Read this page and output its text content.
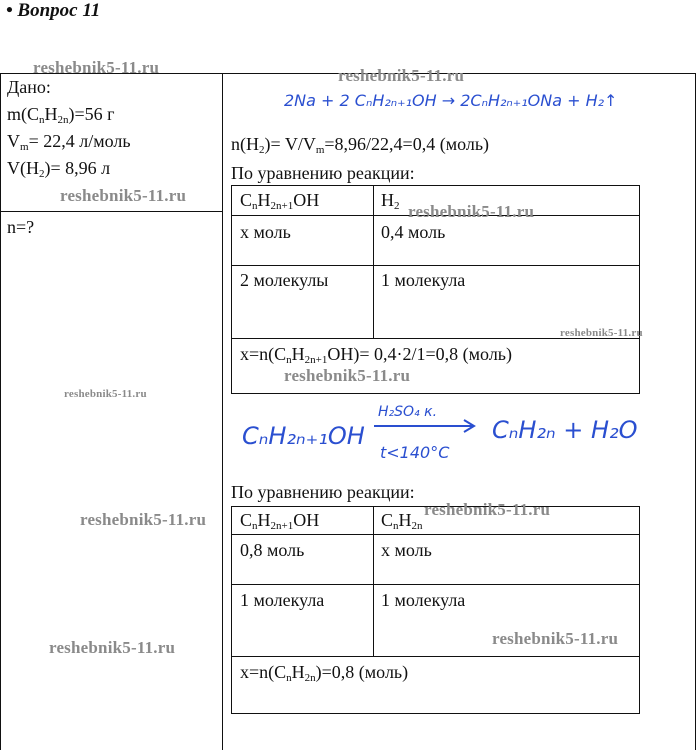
• Вопрос 11
Дано:
$m(C_nH_{2n})=56$ г
$V_m= 22,4$ л/моль
$V(H_2)= 8,96$ л
n=?
2Na + 2 CₙH₂ₙ₊₁OH → 2CₙH₂ₙ₊₁ONa + H₂↑
$n(H_2)= V/V_m=8,96/22,4=0,4$ (моль)
По уравнению реакции:
$C_nH_{2n+1}OH$	$H_2$
x моль	0,4 моль
2 молекулы	1 молекула
$x=n(C_nH_{2n+1}OH)= 0,4\cdot 2/1=0,8$ (моль)
CₙH₂ₙ₊₁OH
H₂SO₄ к.
t<140°C
CₙH₂ₙ + H₂O
По уравнению реакции:
$C_nH_{2n+1}OH$	$C_nH_{2n}$
0,8 моль	x моль
1 молекула	1 молекула
$x=n(C_nH_{2n})=0,8$ (моль)
reshebnik5-11.ru	reshebnik5-11.ru
reshebnik5-11.ru
reshebnik5-11.ru
reshebnik5-11.ru
reshebnik5-11.ru
reshebnik5-11.ru
reshebnik5-11.ru
reshebnik5-11.ru
reshebnik5-11.ru	reshebnik5-11.ru
